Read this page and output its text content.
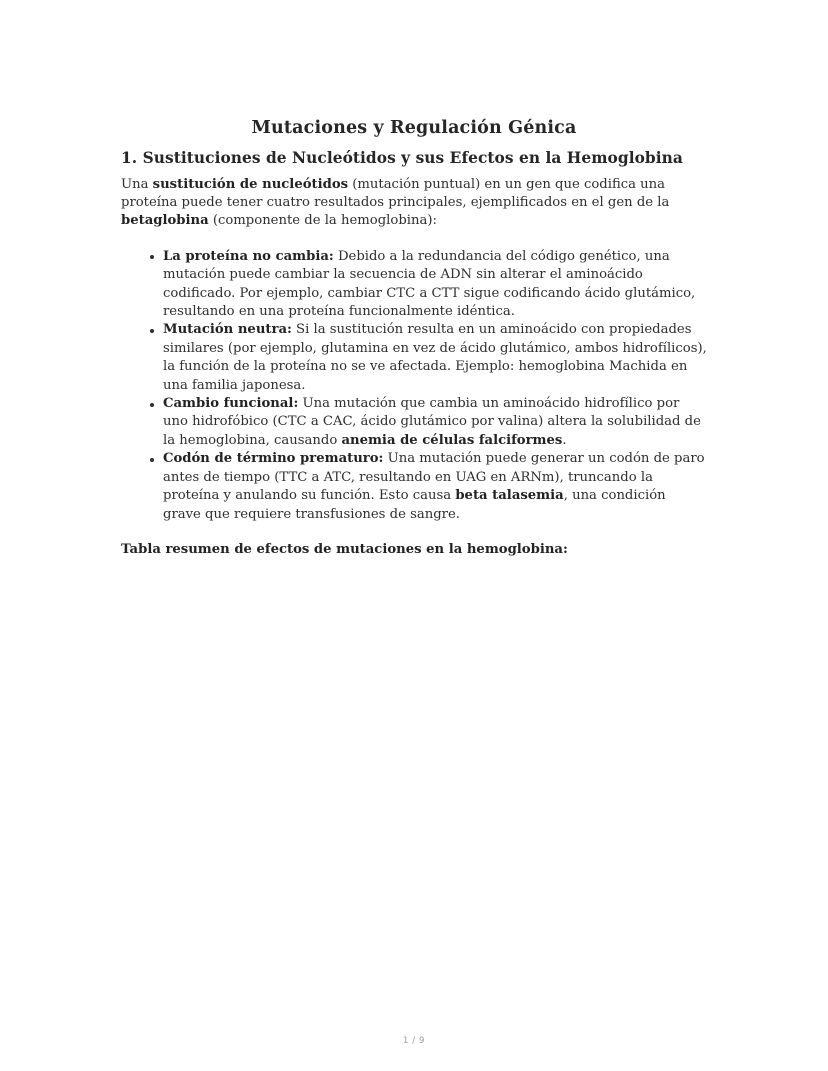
Mutaciones y Regulación Génica
1. Sustituciones de Nucleótidos y sus Efectos en la Hemoglobina

Una sustitución de nucleótidos (mutación puntual) en un gen que codifica una proteína puede tener cuatro resultados principales, ejemplificados en el gen de la betaglobina (componente de la hemoglobina):

La proteína no cambia: Debido a la redundancia del código genético, una mutación puede cambiar la secuencia de ADN sin alterar el aminoácido codificado. Por ejemplo, cambiar CTC a CTT sigue codificando ácido glutámico, resultando en una proteína funcionalmente idéntica.
Mutación neutra: Si la sustitución resulta en un aminoácido con propiedades similares (por ejemplo, glutamina en vez de ácido glutámico, ambos hidrofílicos), la función de la proteína no se ve afectada. Ejemplo: hemoglobina Machida en una familia japonesa.
Cambio funcional: Una mutación que cambia un aminoácido hidrofílico por uno hidrofóbico (CTC a CAC, ácido glutámico por valina) altera la solubilidad de la hemoglobina, causando anemia de células falciformes.
Codón de término prematuro: Una mutación puede generar un codón de paro antes de tiempo (TTC a ATC, resultando en UAG en ARNm), truncando la proteína y anulando su función. Esto causa beta talasemia, una condición grave que requiere transfusiones de sangre.

Tabla resumen de efectos de mutaciones en la hemoglobina:

1 / 9
